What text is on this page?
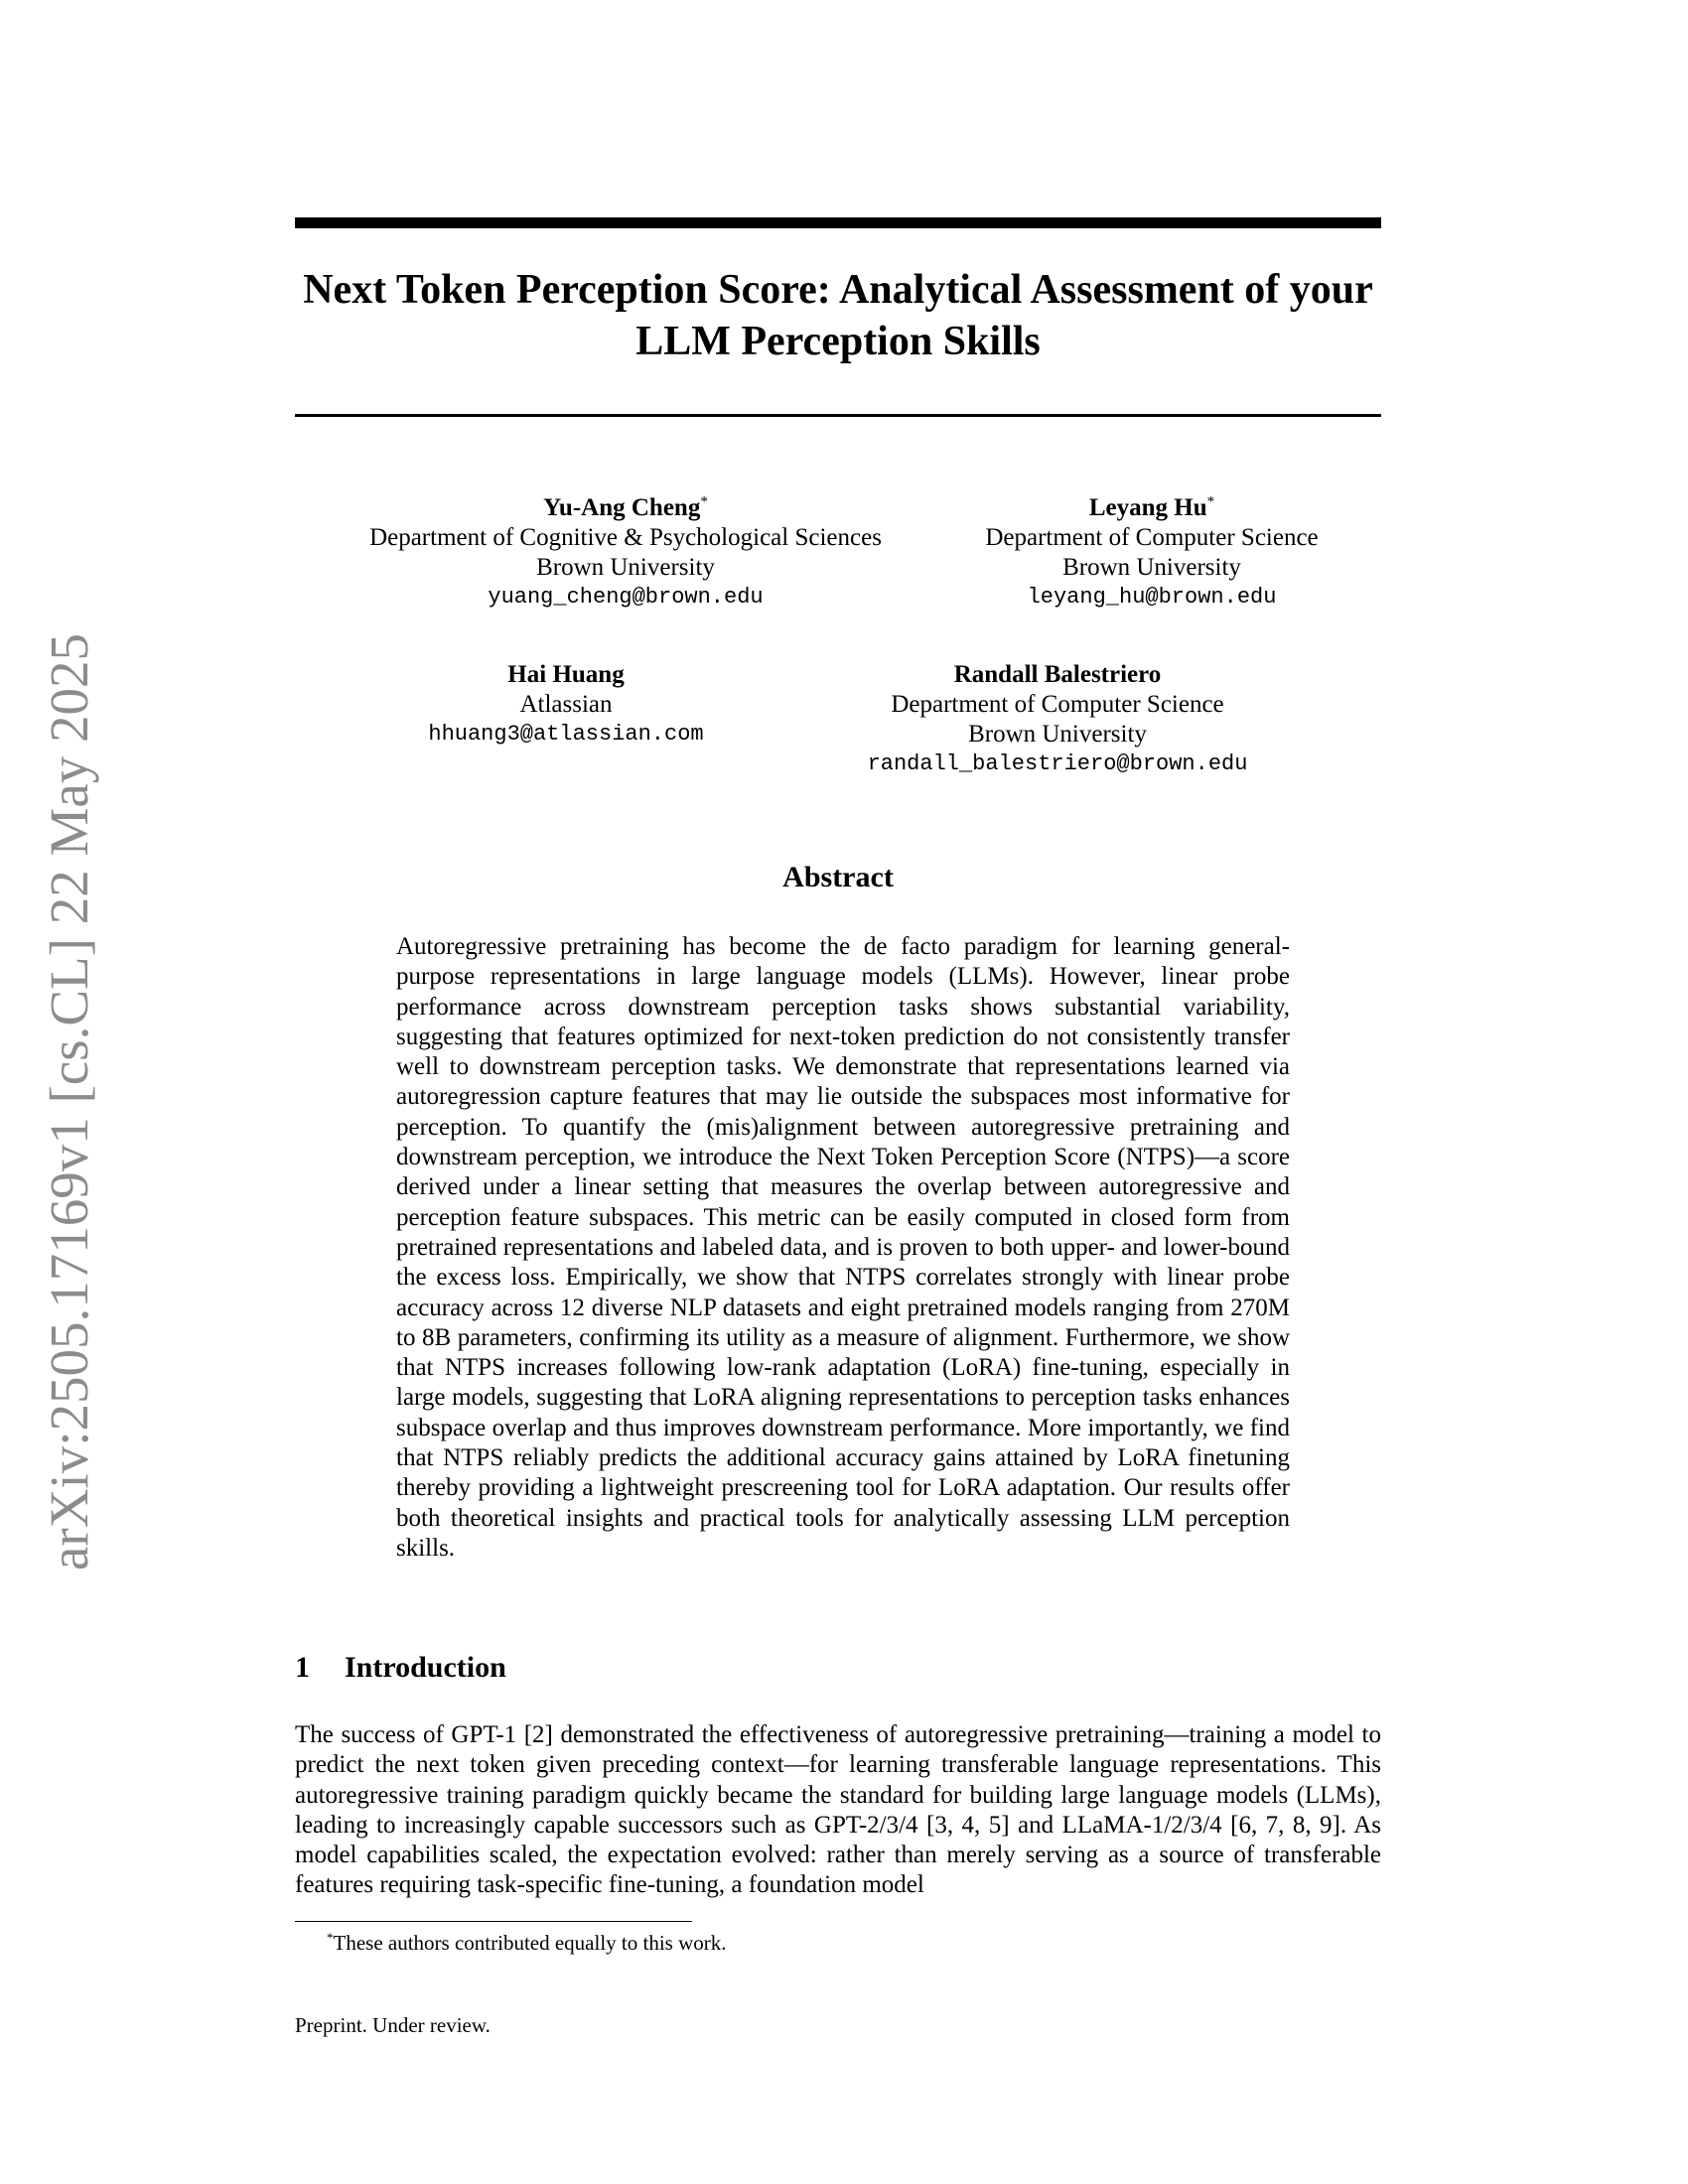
arXiv:2505.17169v1 [cs.CL] 22 May 2025
Next Token Perception Score: Analytical Assessment of your LLM Perception Skills
Yu-Ang Cheng*
Department of Cognitive & Psychological Sciences
Brown University
yuang_cheng@brown.edu
Leyang Hu*
Department of Computer Science
Brown University
leyang_hu@brown.edu
Hai Huang
Atlassian
hhuang3@atlassian.com
Randall Balestriero
Department of Computer Science
Brown University
randall_balestriero@brown.edu
Abstract
Autoregressive pretraining has become the de facto paradigm for learning general-purpose representations in large language models (LLMs). However, linear probe performance across downstream perception tasks shows substantial variability, suggesting that features optimized for next-token prediction do not consistently transfer well to downstream perception tasks. We demonstrate that representations learned via autoregression capture features that may lie outside the subspaces most informative for perception. To quantify the (mis)alignment between autoregressive pretraining and downstream perception, we introduce the Next Token Perception Score (NTPS)—a score derived under a linear setting that measures the overlap between autoregressive and perception feature subspaces. This metric can be easily computed in closed form from pretrained representations and labeled data, and is proven to both upper- and lower-bound the excess loss. Empirically, we show that NTPS correlates strongly with linear probe accuracy across 12 diverse NLP datasets and eight pretrained models ranging from 270M to 8B parameters, confirming its utility as a measure of alignment. Furthermore, we show that NTPS increases following low-rank adaptation (LoRA) fine-tuning, especially in large models, suggesting that LoRA aligning representations to perception tasks enhances subspace overlap and thus improves downstream performance. More importantly, we find that NTPS reliably predicts the additional accuracy gains attained by LoRA finetuning thereby providing a lightweight prescreening tool for LoRA adaptation. Our results offer both theoretical insights and practical tools for analytically assessing LLM perception skills.
1 Introduction
The success of GPT-1 [2] demonstrated the effectiveness of autoregressive pretraining—training a model to predict the next token given preceding context—for learning transferable language representations. This autoregressive training paradigm quickly became the standard for building large language models (LLMs), leading to increasingly capable successors such as GPT-2/3/4 [3, 4, 5] and LLaMA-1/2/3/4 [6, 7, 8, 9]. As model capabilities scaled, the expectation evolved: rather than merely serving as a source of transferable features requiring task-specific fine-tuning, a foundation model
*These authors contributed equally to this work.
Preprint. Under review.
